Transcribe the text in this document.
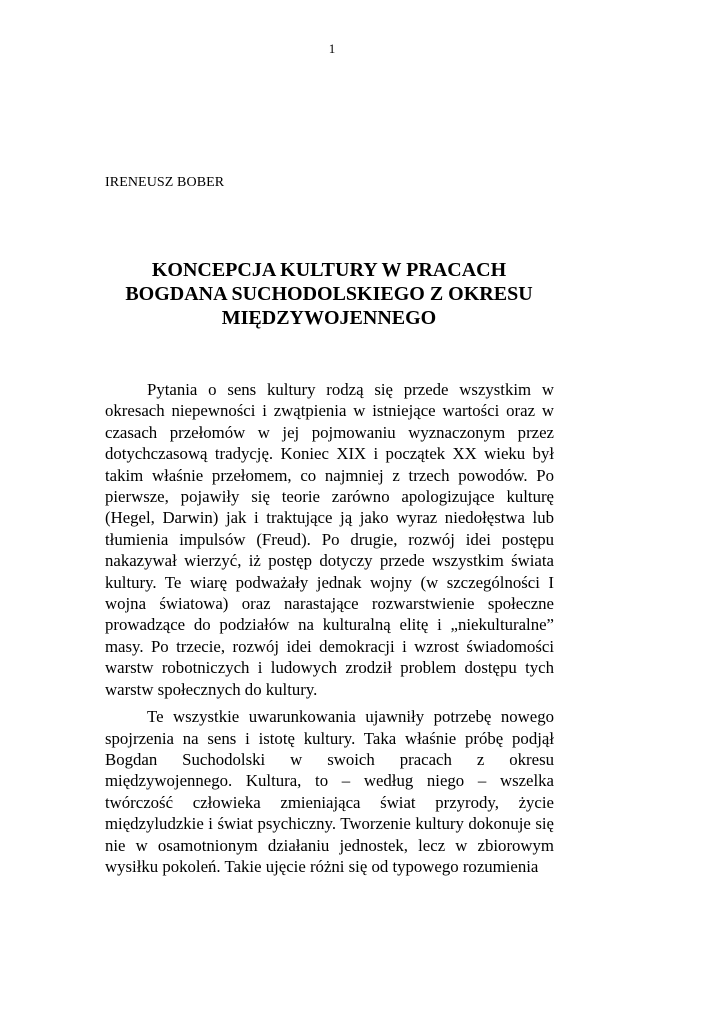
1
IRENEUSZ BOBER
KONCEPCJA KULTURY W PRACACH
BOGDANA SUCHODOLSKIEGO Z OKRESU
MIĘDZYWOJENNEGO

Pytania o sens kultury rodzą się przede wszystkim w okresach niepewności i zwątpienia w istniejące wartości oraz w czasach przełomów w jej pojmowaniu wyznaczonym przez dotychczasową tradycję. Koniec XIX i początek XX wieku był takim właśnie przełomem, co najmniej z trzech powodów. Po pierwsze, pojawiły się teorie zarówno apologizujące kulturę (Hegel, Darwin) jak i traktujące ją jako wyraz niedołęstwa lub tłumienia impulsów (Freud). Po drugie, rozwój idei postępu nakazywał wierzyć, iż postęp dotyczy przede wszystkim świata kultury. Te wiarę podważały jednak wojny (w szczególności I wojna światowa) oraz narastające rozwarstwienie społeczne prowadzące do podziałów na kulturalną elitę i „niekulturalne” masy. Po trzecie, rozwój idei demokracji i wzrost świadomości warstw robotniczych i ludowych zrodził problem dostępu tych warstw społecznych do kultury.

Te wszystkie uwarunkowania ujawniły potrzebę nowego spojrzenia na sens i istotę kultury. Taka właśnie próbę podjął Bogdan Suchodolski w swoich pracach z okresu międzywojennego. Kultura, to – według niego – wszelka twórczość człowieka zmieniająca świat przyrody, życie międzyludzkie i świat psychiczny. Tworzenie kultury dokonuje się nie w osamotnionym działaniu jednostek, lecz w zbiorowym wysiłku pokoleń. Takie ujęcie różni się od typowego rozumienia
